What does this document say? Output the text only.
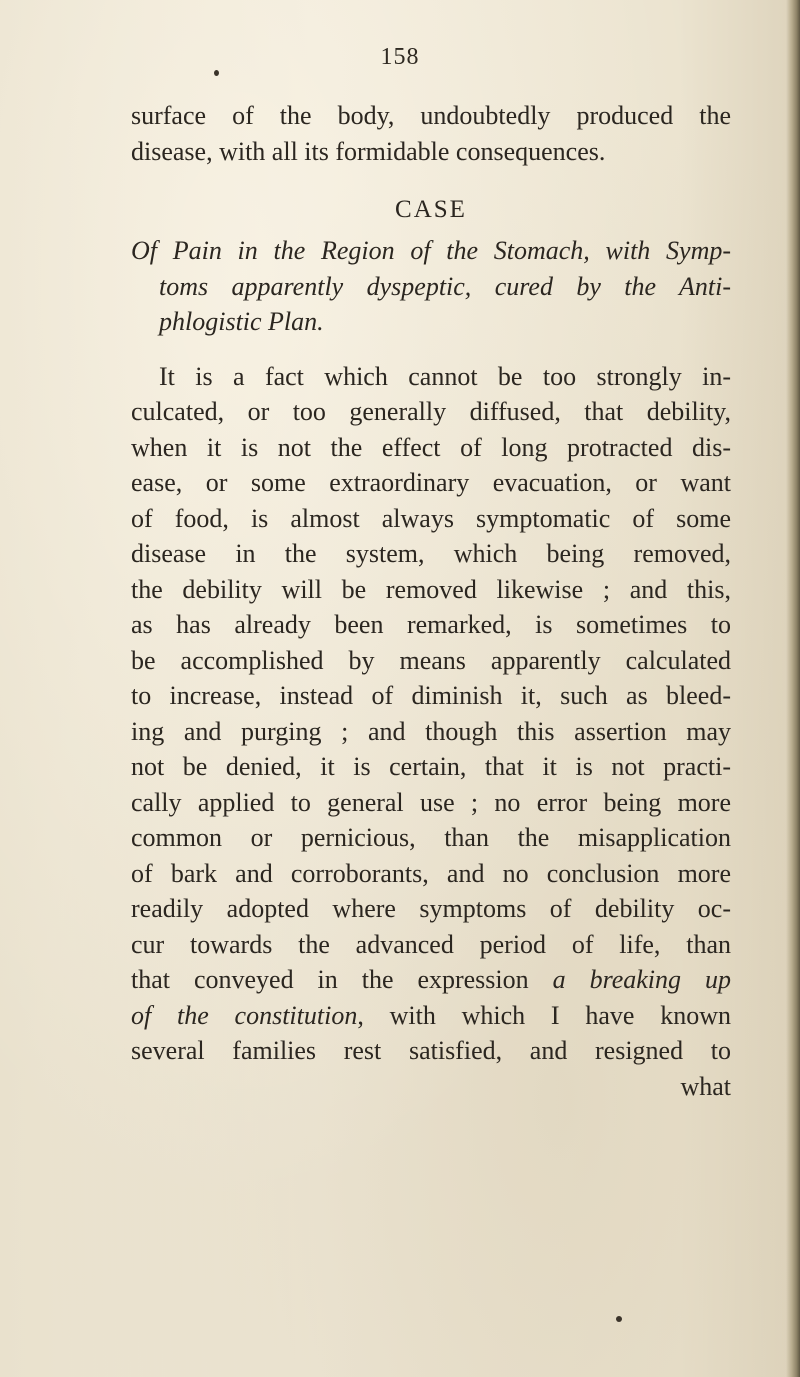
158
surface of the body, undoubtedly produced the
disease, with all its formidable consequences.
CASE
Of Pain in the Region of the Stomach, with Symp-
toms apparently dyspeptic, cured by the Anti-
phlogistic Plan.
It is a fact which cannot be too strongly in-
culcated, or too generally diffused, that debility,
when it is not the effect of long protracted dis-
ease, or some extraordinary evacuation, or want
of food, is almost always symptomatic of some
disease in the system, which being removed,
the debility will be removed likewise ; and this,
as has already been remarked, is sometimes to
be accomplished by means apparently calculated
to increase, instead of diminish it, such as bleed-
ing and purging ; and though this assertion may
not be denied, it is certain, that it is not practi-
cally applied to general use ; no error being more
common or pernicious, than the misapplication
of bark and corroborants, and no conclusion more
readily adopted where symptoms of debility oc-
cur towards the advanced period of life, than
that conveyed in the expression a breaking up
of the constitution, with which I have known
several families rest satisfied, and resigned to
what
